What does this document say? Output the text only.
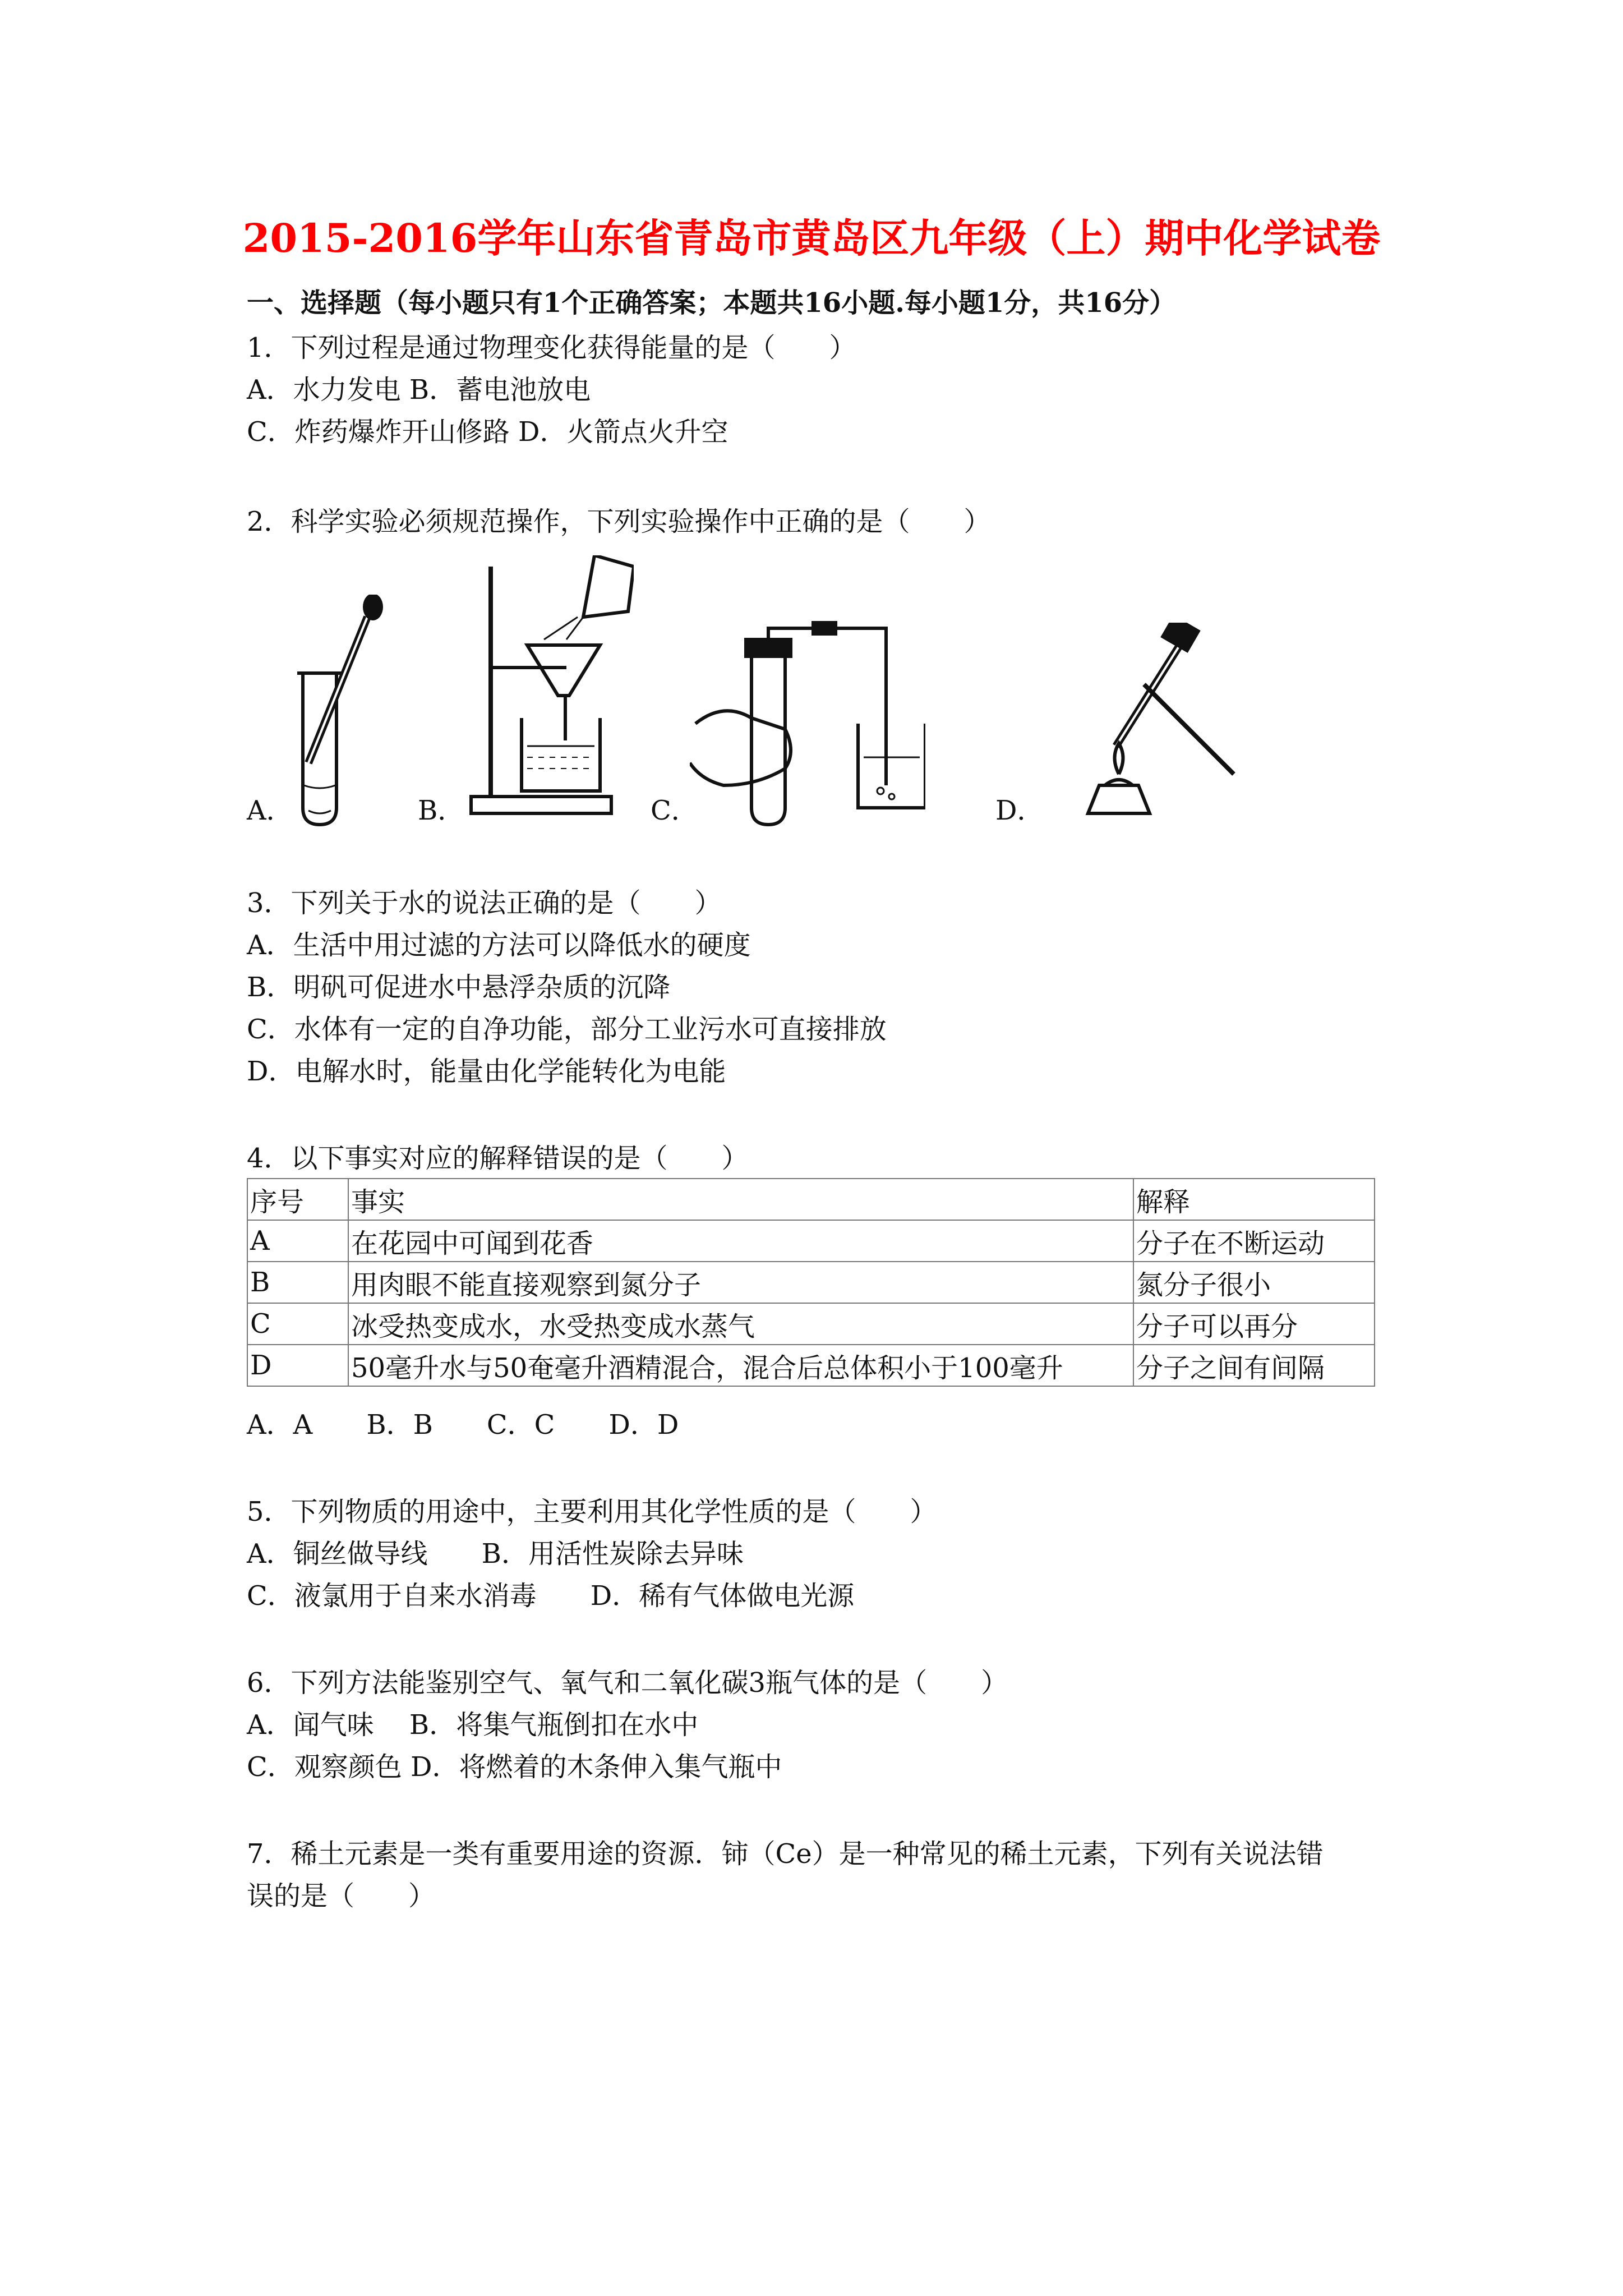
2015-2016学年山东省青岛市黄岛区九年级（上）期中化学试卷
一、选择题（每小题只有1个正确答案；本题共16小题.每小题1分，共16分）
1．下列过程是通过物理变化获得能量的是（　　）
A．水力发电 B．蓄电池放电
C．炸药爆炸开山修路 D．火箭点火升空
2．科学实验必须规范操作，下列实验操作中正确的是（　　）
A．	B．	C．	D．
3．下列关于水的说法正确的是（　　）
A．生活中用过滤的方法可以降低水的硬度
B．明矾可促进水中悬浮杂质的沉降
C．水体有一定的自净功能，部分工业污水可直接排放
D．电解水时，能量由化学能转化为电能
4．以下事实对应的解释错误的是（　　）
序号	事实	解释
A	在花园中可闻到花香	分子在不断运动
B	用肉眼不能直接观察到氮分子	氮分子很小
C	冰受热变成水，水受热变成水蒸气	分子可以再分
D	50毫升水与50奄毫升酒精混合，混合后总体积小于100毫升	分子之间有间隔
A．A　　B．B　　C．C　　D．D
5．下列物质的用途中，主要利用其化学性质的是（　　）
A．铜丝做导线　　B．用活性炭除去异味
C．液氯用于自来水消毒　　D．稀有气体做电光源
6．下列方法能鉴别空气、氧气和二氧化碳3瓶气体的是（　　）
A．闻气味　 B．将集气瓶倒扣在水中
C．观察颜色 D．将燃着的木条伸入集气瓶中
7．稀土元素是一类有重要用途的资源．铈（Ce）是一种常见的稀土元素，下列有关说法错
误的是（　　）
